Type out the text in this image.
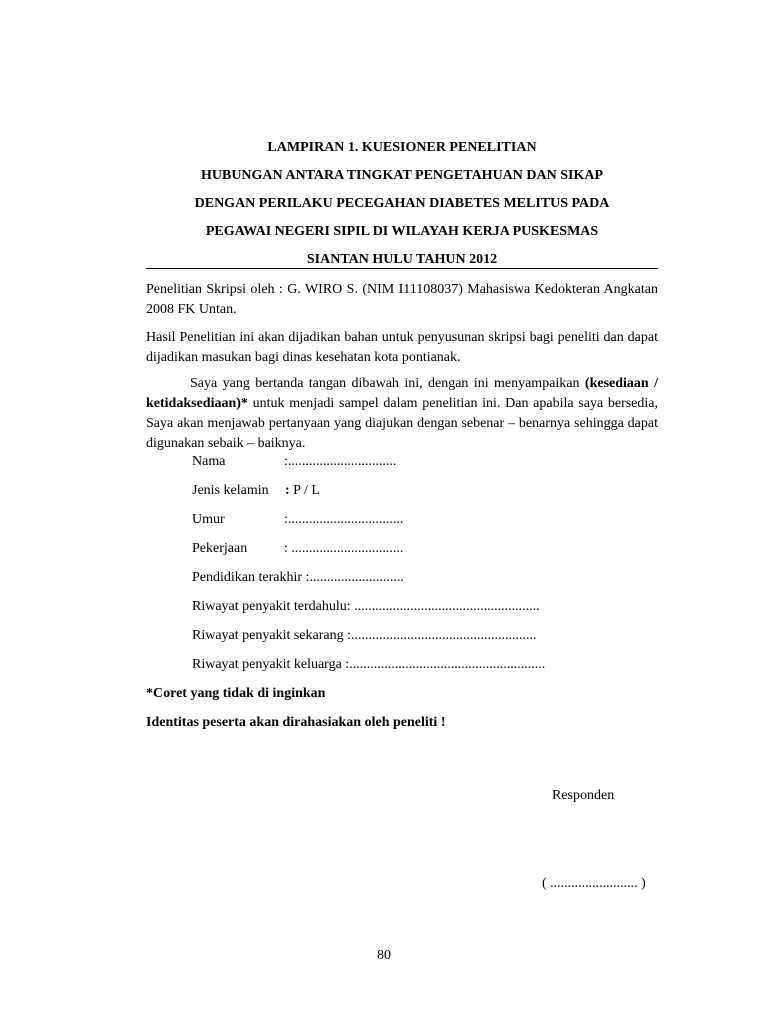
LAMPIRAN 1. KUESIONER PENELITIAN
HUBUNGAN ANTARA TINGKAT PENGETAHUAN DAN SIKAP
DENGAN PERILAKU PECEGAHAN DIABETES MELITUS PADA
PEGAWAI NEGERI SIPIL DI WILAYAH KERJA PUSKESMAS
SIANTAN HULU TAHUN 2012
Penelitian Skripsi oleh : G. WIRO S. (NIM I11108037) Mahasiswa Kedokteran Angkatan 2008 FK Untan.
Hasil Penelitian ini akan dijadikan bahan untuk penyusunan skripsi bagi peneliti dan dapat dijadikan masukan bagi dinas kesehatan kota pontianak.
Saya yang bertanda tangan dibawah ini, dengan ini menyampaikan (kesediaan / ketidaksediaan)* untuk menjadi sampel dalam penelitian ini. Dan apabila saya bersedia, Saya akan menjawab pertanyaan yang diajukan dengan sebenar – benarnya sehingga dapat digunakan sebaik – baiknya.
Nama	:...............................
Jenis kelamin : P / L
Umur	:.................................
Pekerjaan	: ................................
Pendidikan terakhir :...........................
Riwayat penyakit terdahulu: .....................................................
Riwayat penyakit sekarang :.....................................................
Riwayat penyakit keluarga :........................................................
*Coret yang tidak di inginkan
Identitas peserta akan dirahasiakan oleh peneliti !
Responden
( ......................... )
80
